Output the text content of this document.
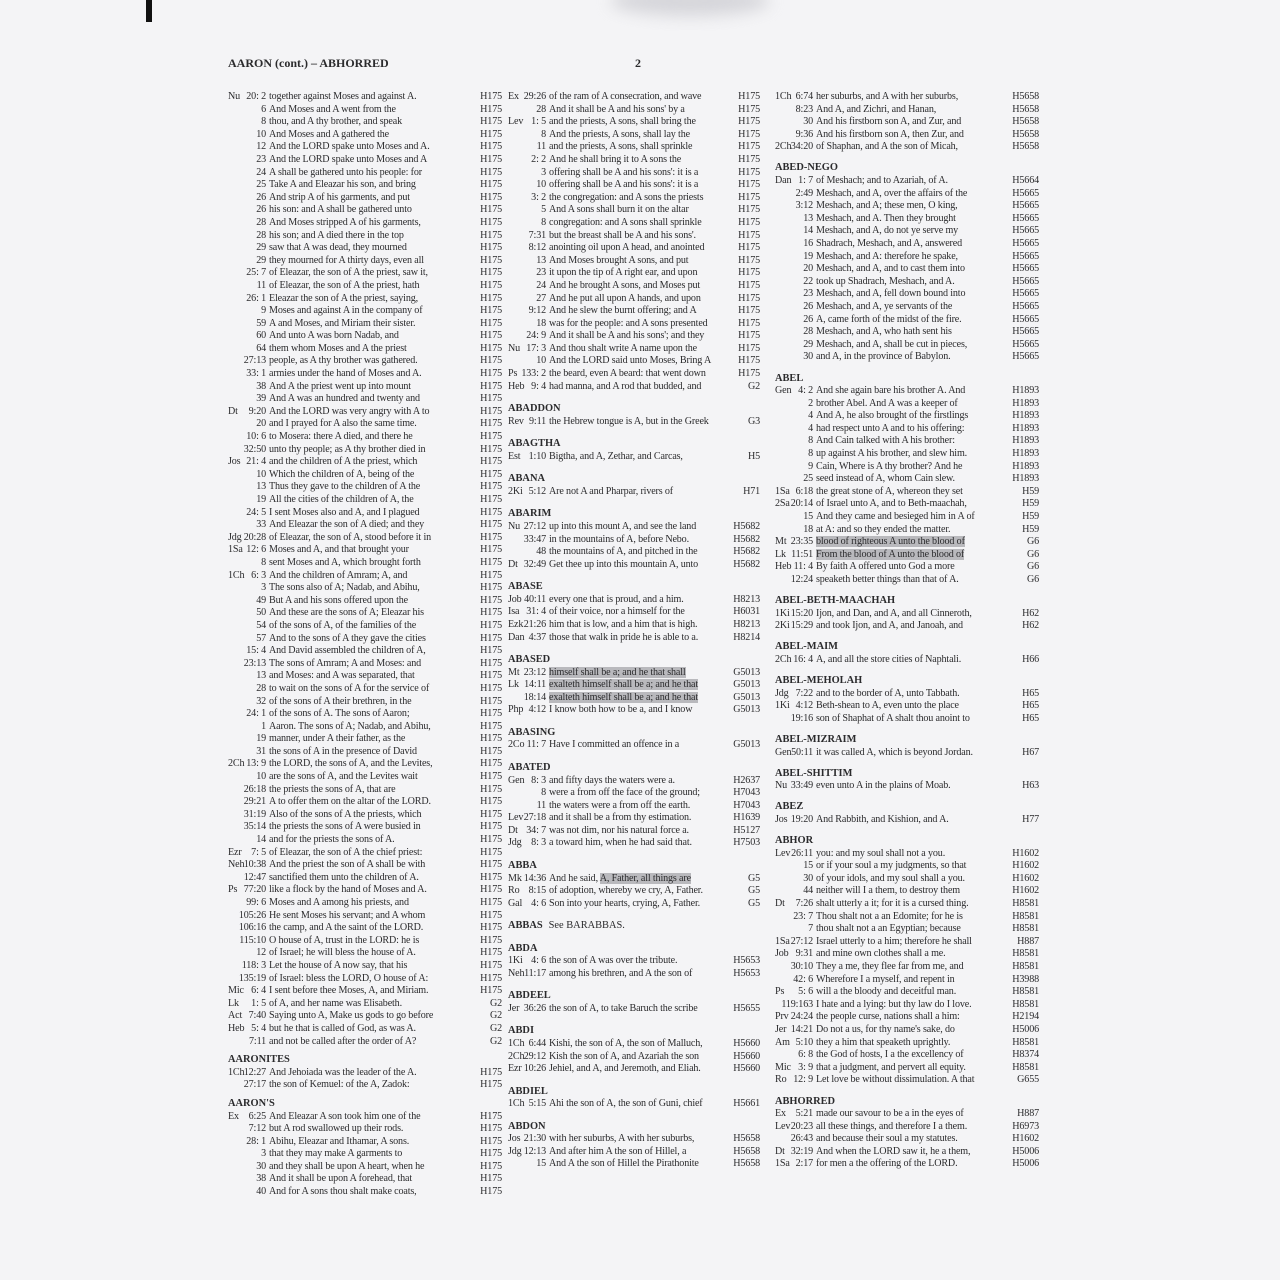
AARON (cont.) – ABHORRED	2
Nu 20: 2 together against Moses and against A.	H175
6 And Moses and A went from the	H175
8 thou, and A thy brother, and speak	H175
10 And Moses and A gathered the	H175
12 And the LORD spake unto Moses and A.	H175
23 And the LORD spake unto Moses and A	H175
24 A shall be gathered unto his people: for	H175
25 Take A and Eleazar his son, and bring	H175
26 And strip A of his garments, and put	H175
26 his son: and A shall be gathered unto	H175
28 And Moses stripped A of his garments,	H175
28 his son; and A died there in the top	H175
29 saw that A was dead, they mourned	H175
29 they mourned for A thirty days, even all	H175
25: 7 of Eleazar, the son of A the priest, saw it,	H175
11 of Eleazar, the son of A the priest, hath	H175
26: 1 Eleazar the son of A the priest, saying,	H175
9 Moses and against A in the company of	H175
59 A and Moses, and Miriam their sister.	H175
60 And unto A was born Nadab, and	H175
64 them whom Moses and A the priest	H175
27:13 people, as A thy brother was gathered.	H175
33: 1 armies under the hand of Moses and A.	H175
38 And A the priest went up into mount	H175
39 And A was an hundred and twenty and	H175
Dt	9:20 And the LORD was very angry with A to	H175
20 and I prayed for A also the same time.	H175
10: 6 to Mosera: there A died, and there he	H175
32:50 unto thy people; as A thy brother died in	H175
Jos 21: 4 and the children of A the priest, which	H175
10 Which the children of A, being of the	H175
13 Thus they gave to the children of A the	H175
19 All the cities of the children of A, the	H175
24: 5 I sent Moses also and A, and I plagued	H175
33 And Eleazar the son of A died; and they	H175
Jdg 20:28 of Eleazar, the son of A, stood before it in	H175
1Sa 12: 6 Moses and A, and that brought your	H175
8 sent Moses and A, which brought forth	H175
1Ch 6: 3 And the children of Amram; A, and	H175
3 The sons also of A; Nadab, and Abihu,	H175
49 But A and his sons offered upon the	H175
50 And these are the sons of A; Eleazar his	H175
54 of the sons of A, of the families of the	H175
57 And to the sons of A they gave the cities	H175
15: 4 And David assembled the children of A,	H175
23:13 The sons of Amram; A and Moses: and	H175
13 and Moses: and A was separated, that	H175
28 to wait on the sons of A for the service of	H175
32 of the sons of A their brethren, in the	H175
24: 1 of the sons of A. The sons of Aaron;	H175
1 Aaron. The sons of A; Nadab, and Abihu,	H175
19 manner, under A their father, as the	H175
31 the sons of A in the presence of David	H175
2Ch 13: 9 the LORD, the sons of A, and the Levites,	H175
10 are the sons of A, and the Levites wait	H175
26:18 the priests the sons of A, that are	H175
29:21 A to offer them on the altar of the LORD.	H175
31:19 Also of the sons of A the priests, which	H175
35:14 the priests the sons of A were busied in	H175
14 and for the priests the sons of A.	H175
Ezr 7: 5 of Eleazar, the son of A the chief priest:	H175
Neh 10:38 And the priest the son of A shall be with	H175
12:47 sanctified them unto the children of A.	H175
Ps 77:20 like a flock by the hand of Moses and A.	H175
99: 6 Moses and A among his priests, and	H175
105:26 He sent Moses his servant; and A whom	H175
106:16 the camp, and A the saint of the LORD.	H175
115:10 O house of A, trust in the LORD: he is	H175
12 of Israel; he will bless the house of A.	H175
118: 3 Let the house of A now say, that his	H175
135:19 of Israel: bless the LORD, O house of A:	H175
Mic 6: 4 I sent before thee Moses, A, and Miriam.	H175
Lk	1: 5 of A, and her name was Elisabeth.	G2
Act 7:40 Saying unto A, Make us gods to go before	G2
Heb 5: 4 but he that is called of God, as was A.	G2
7:11 and not be called after the order of A?	G2
AARONITES
1Ch 12:27 And Jehoiada was the leader of the A.	H175
27:17 the son of Kemuel: of the A, Zadok:	H175
AARON'S
Ex 6:25 And Eleazar A son took him one of the	H175
7:12 but A rod swallowed up their rods.	H175
28: 1 Abihu, Eleazar and Ithamar, A sons.	H175
3 that they may make A garments to	H175
30 and they shall be upon A heart, when he	H175
38 And it shall be upon A forehead, that	H175
40 And for A sons thou shalt make coats,	H175
Ex 29:26 of the ram of A consecration, and wave	H175
28 And it shall be A and his sons' by a	H175
Lev 1: 5 and the priests, A sons, shall bring the	H175
8 And the priests, A sons, shall lay the	H175
11 and the priests, A sons, shall sprinkle	H175
2: 2 And he shall bring it to A sons the	H175
3 offering shall be A and his sons': it is a	H175
10 offering shall be A and his sons': it is a	H175
3: 2 the congregation: and A sons the priests	H175
5 And A sons shall burn it on the altar	H175
8 congregation: and A sons shall sprinkle	H175
7:31 but the breast shall be A and his sons'.	H175
8:12 anointing oil upon A head, and anointed	H175
13 And Moses brought A sons, and put	H175
23 it upon the tip of A right ear, and upon	H175
24 And he brought A sons, and Moses put	H175
27 And he put all upon A hands, and upon	H175
9:12 And he slew the burnt offering; and A	H175
18 was for the people: and A sons presented	H175
24: 9 And it shall be A and his sons'; and they	H175
Nu 17: 3 And thou shalt write A name upon the	H175
10 And the LORD said unto Moses, Bring A	H175
Ps 133: 2 the beard, even A beard: that went down	H175
Heb 9: 4 had manna, and A rod that budded, and	G2
ABADDON
Rev 9:11 the Hebrew tongue is A, but in the Greek	G3
ABAGTHA
Est 1:10 Bigtha, and A, Zethar, and Carcas,	H5
ABANA
2Ki 5:12 Are not A and Pharpar, rivers of	H71
ABARIM
Nu 27:12 up into this mount A, and see the land	H5682
33:47 in the mountains of A, before Nebo.	H5682
48 the mountains of A, and pitched in the	H5682
Dt 32:49 Get thee up into this mountain A, unto	H5682
ABASE
Job 40:11 every one that is proud, and a him.	H8213
Isa 31: 4 of their voice, nor a himself for the	H6031
Ezk 21:26 him that is low, and a him that is high.	H8213
Dan 4:37 those that walk in pride he is able to a.	H8214
ABASED
Mt 23:12 himself shall be a; and he that shall	G5013
Lk 14:11 exalteth himself shall be a; and he that	G5013
18:14 exalteth himself shall be a; and he that	G5013
Php 4:12 I know both how to be a, and I know	G5013
ABASING
2Co 11: 7 Have I committed an offence in a	G5013
ABATED
Gen 8: 3 and fifty days the waters were a.	H2637
8 were a from off the face of the ground;	H7043
11 the waters were a from off the earth.	H7043
Lev 27:18 and it shall be a from thy estimation.	H1639
Dt 34: 7 was not dim, nor his natural force a.	H5127
Jdg 8: 3 a toward him, when he had said that.	H7503
ABBA
Mk 14:36 And he said, A, Father, all things are	G5
Ro 8:15 of adoption, whereby we cry, A, Father.	G5
Gal 4: 6 Son into your hearts, crying, A, Father.	G5
ABBAS See BARABBAS.
ABDA
1Ki 4: 6 the son of A was over the tribute.	H5653
Neh 11:17 among his brethren, and A the son of	H5653
ABDEEL
Jer 36:26 the son of A, to take Baruch the scribe	H5655
ABDI
1Ch 6:44 Kishi, the son of A, the son of Malluch,	H5660
2Ch 29:12 Kish the son of A, and Azariah the son	H5660
Ezr 10:26 Jehiel, and A, and Jeremoth, and Eliah.	H5660
ABDIEL
1Ch 5:15 Ahi the son of A, the son of Guni, chief	H5661
ABDON
Jos 21:30 with her suburbs, A with her suburbs,	H5658
Jdg 12:13 And after him A the son of Hillel, a	H5658
15 And A the son of Hillel the Pirathonite	H5658
1Ch 6:74 her suburbs, and A with her suburbs,	H5658
8:23 And A, and Zichri, and Hanan,	H5658
30 And his firstborn son A, and Zur, and	H5658
9:36 And his firstborn son A, then Zur, and	H5658
2Ch 34:20 of Shaphan, and A the son of Micah,	H5658
ABED-NEGO
Dan 1: 7 of Meshach; and to Azariah, of A.	H5664
2:49 Meshach, and A, over the affairs of the	H5665
3:12 Meshach, and A; these men, O king,	H5665
13 Meshach, and A. Then they brought	H5665
14 Meshach, and A, do not ye serve my	H5665
16 Shadrach, Meshach, and A, answered	H5665
19 Meshach, and A: therefore he spake,	H5665
20 Meshach, and A, and to cast them into	H5665
22 took up Shadrach, Meshach, and A.	H5665
23 Meshach, and A, fell down bound into	H5665
26 Meshach, and A, ye servants of the	H5665
26 A, came forth of the midst of the fire.	H5665
28 Meshach, and A, who hath sent his	H5665
29 Meshach, and A, shall be cut in pieces,	H5665
30 and A, in the province of Babylon.	H5665
ABEL
Gen 4: 2 And she again bare his brother A. And	H1893
2 brother Abel. And A was a keeper of	H1893
4 And A, he also brought of the firstlings	H1893
4 had respect unto A and to his offering:	H1893
8 And Cain talked with A his brother:	H1893
8 up against A his brother, and slew him.	H1893
9 Cain, Where is A thy brother? And he	H1893
25 seed instead of A, whom Cain slew.	H1893
1Sa 6:18 the great stone of A, whereon they set	H59
2Sa 20:14 of Israel unto A, and to Beth-maachah,	H59
15 And they came and besieged him in A of	H59
18 at A: and so they ended the matter.	H59
Mt 23:35 blood of righteous A unto the blood of	G6
Lk 11:51 From the blood of A unto the blood of	G6
Heb 11: 4 By faith A offered unto God a more	G6
12:24 speaketh better things than that of A.	G6
ABEL-BETH-MAACHAH
1Ki 15:20 Ijon, and Dan, and A, and all Cinneroth,	H62
2Ki 15:29 and took Ijon, and A, and Janoah, and	H62
ABEL-MAIM
2Ch 16: 4 A, and all the store cities of Naphtali.	H66
ABEL-MEHOLAH
Jdg 7:22 and to the border of A, unto Tabbath.	H65
1Ki 4:12 Beth-shean to A, even unto the place	H65
19:16 son of Shaphat of A shalt thou anoint to	H65
ABEL-MIZRAIM
Gen 50:11 it was called A, which is beyond Jordan.	H67
ABEL-SHITTIM
Nu 33:49 even unto A in the plains of Moab.	H63
ABEZ
Jos 19:20 And Rabbith, and Kishion, and A.	H77
ABHOR
Lev 26:11 you: and my soul shall not a you.	H1602
15 or if your soul a my judgments, so that	H1602
30 of your idols, and my soul shall a you.	H1602
44 neither will I a them, to destroy them	H1602
Dt	7:26 shalt utterly a it; for it is a cursed thing.	H8581
23: 7 Thou shalt not a an Edomite; for he is	H8581
7 thou shalt not a an Egyptian; because	H8581
1Sa 27:12 Israel utterly to a him; therefore he shall	H887
Job 9:31 and mine own clothes shall a me.	H8581
30:10 They a me, they flee far from me, and	H8581
42: 6 Wherefore I a myself, and repent in	H3988
Ps	5: 6 will a the bloody and deceitful man.	H8581
119:163 I hate and a lying: but thy law do I love.	H8581
Prv 24:24 the people curse, nations shall a him:	H2194
Jer 14:21 Do not a us, for thy name's sake, do	H5006
Am 5:10 they a him that speaketh uprightly.	H8581
6: 8 the God of hosts, I a the excellency of	H8374
Mic 3: 9 that a judgment, and pervert all equity.	H8581
Ro 12: 9 Let love be without dissimulation. A that	G655
ABHORRED
Ex 5:21 made our savour to be a in the eyes of	H887
Lev 20:23 all these things, and therefore I a them.	H6973
26:43 and because their soul a my statutes.	H1602
Dt 32:19 And when the LORD saw it, he a them,	H5006
1Sa 2:17 for men a the offering of the LORD.	H5006
